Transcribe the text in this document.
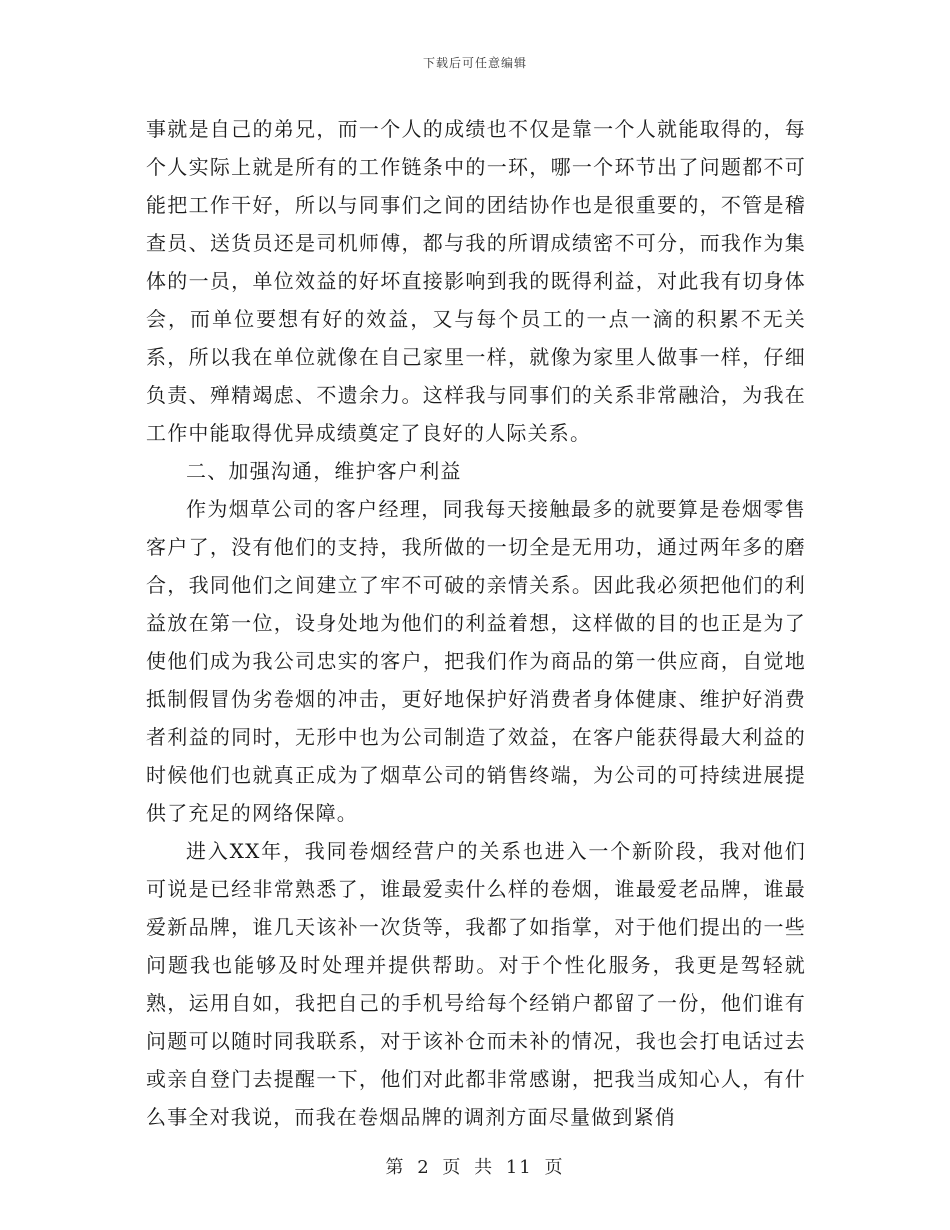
下载后可任意编辑

事就是自己的弟兄，而一个人的成绩也不仅是靠一个人就能取得的，每个人实际上就是所有的工作链条中的一环，哪一个环节出了问题都不可能把工作干好，所以与同事们之间的团结协作也是很重要的，不管是稽查员、送货员还是司机师傅，都与我的所谓成绩密不可分，而我作为集体的一员，单位效益的好坏直接影响到我的既得利益，对此我有切身体会，而单位要想有好的效益，又与每个员工的一点一滴的积累不无关系，所以我在单位就像在自己家里一样，就像为家里人做事一样，仔细负责、殚精竭虑、不遗余力。这样我与同事们的关系非常融洽，为我在工作中能取得优异成绩奠定了良好的人际关系。

二、加强沟通，维护客户利益

作为烟草公司的客户经理，同我每天接触最多的就要算是卷烟零售客户了，没有他们的支持，我所做的一切全是无用功，通过两年多的磨合，我同他们之间建立了牢不可破的亲情关系。因此我必须把他们的利益放在第一位，设身处地为他们的利益着想，这样做的目的也正是为了使他们成为我公司忠实的客户，把我们作为商品的第一供应商，自觉地抵制假冒伪劣卷烟的冲击，更好地保护好消费者身体健康、维护好消费者利益的同时，无形中也为公司制造了效益，在客户能获得最大利益的时候他们也就真正成为了烟草公司的销售终端，为公司的可持续进展提供了充足的网络保障。

进入XX年，我同卷烟经营户的关系也进入一个新阶段，我对他们可说是已经非常熟悉了，谁最爱卖什么样的卷烟，谁最爱老品牌，谁最爱新品牌，谁几天该补一次货等，我都了如指掌，对于他们提出的一些问题我也能够及时处理并提供帮助。对于个性化服务，我更是驾轻就熟，运用自如，我把自己的手机号给每个经销户都留了一份，他们谁有问题可以随时同我联系，对于该补仓而未补的情况，我也会打电话过去或亲自登门去提醒一下，他们对此都非常感谢，把我当成知心人，有什么事全对我说，而我在卷烟品牌的调剂方面尽量做到紧俏

第 2 页 共 11 页
